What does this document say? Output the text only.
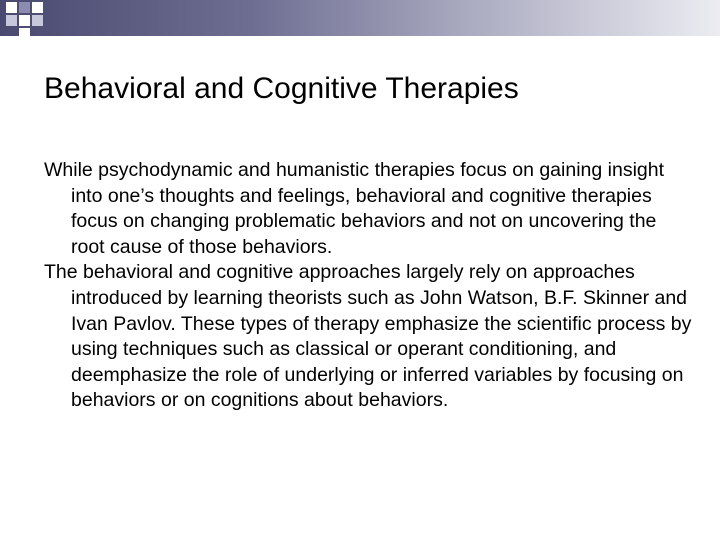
Behavioral and Cognitive Therapies
While psychodynamic and humanistic therapies focus on gaining insight into one’s thoughts and feelings, behavioral and cognitive therapies focus on changing problematic behaviors and not on uncovering the root cause of those behaviors.
The behavioral and cognitive approaches largely rely on approaches introduced by learning theorists such as John Watson, B.F. Skinner and Ivan Pavlov. These types of therapy emphasize the scientific process by using techniques such as classical or operant conditioning, and deemphasize the role of underlying or inferred variables by focusing on behaviors or on cognitions about behaviors.
